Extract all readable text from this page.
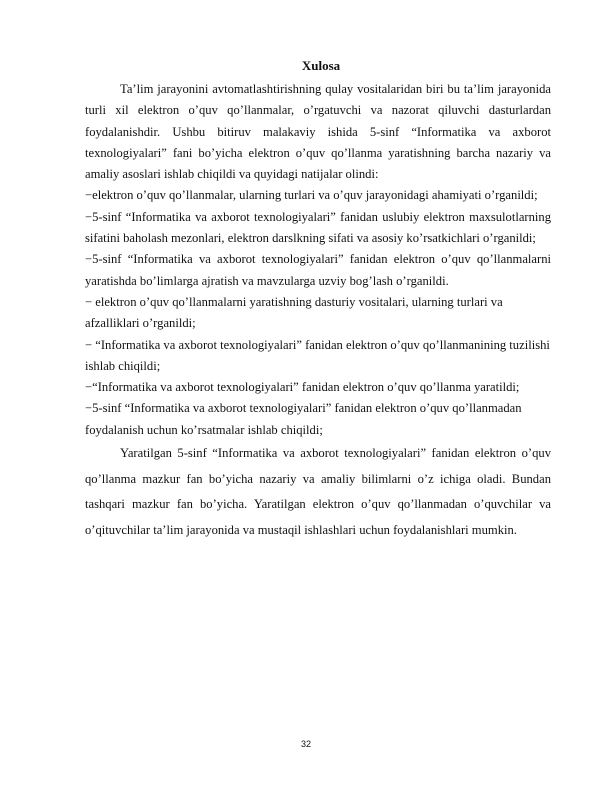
Xulosa

Ta’lim jarayonini avtomatlashtirishning qulay vositalaridan biri bu ta’lim jarayonida turli xil elektron o’quv qo’llanmalar, o’rgatuvchi va nazorat qiluvchi dasturlardan foydalanishdir. Ushbu bitiruv malakaviy ishida 5-sinf “Informatika va axborot texnologiyalari” fani bo’yicha elektron o’quv qo’llanma yaratishning barcha nazariy va amaliy asoslari ishlab chiqildi va quyidagi natijalar olindi:

−elektron o’quv qo’llanmalar, ularning turlari va o’quv jarayonidagi ahamiyati o’rganildi;

−5-sinf “Informatika va axborot texnologiyalari” fanidan uslubiy elektron maxsulotlarning sifatini baholash mezonlari, elektron darslkning sifati va asosiy ko’rsatkichlari o’rganildi;

−5-sinf “Informatika va axborot texnologiyalari” fanidan elektron o’quv qo’llanmalarni yaratishda bo’limlarga ajratish va mavzularga uzviy bog’lash o’rganildi.

− elektron o’quv qo’llanmalarni yaratishning dasturiy vositalari, ularning turlari va afzalliklari o’rganildi;

− “Informatika va axborot texnologiyalari” fanidan elektron o’quv qo’llanmanining tuzilishi ishlab chiqildi;

−“Informatika va axborot texnologiyalari” fanidan elektron o’quv qo’llanma yaratildi;

−5-sinf “Informatika va axborot texnologiyalari” fanidan elektron o’quv qo’llanmadan foydalanish uchun ko’rsatmalar ishlab chiqildi;

Yaratilgan 5-sinf “Informatika va axborot texnologiyalari” fanidan elektron o’quv qo’llanma mazkur fan bo’yicha nazariy va amaliy bilimlarni o’z ichiga oladi. Bundan tashqari mazkur fan bo’yicha. Yaratilgan elektron o’quv qo’llanmadan o’quvchilar va o’qituvchilar ta’lim jarayonida va mustaqil ishlashlari uchun foydalanishlari mumkin.

32
